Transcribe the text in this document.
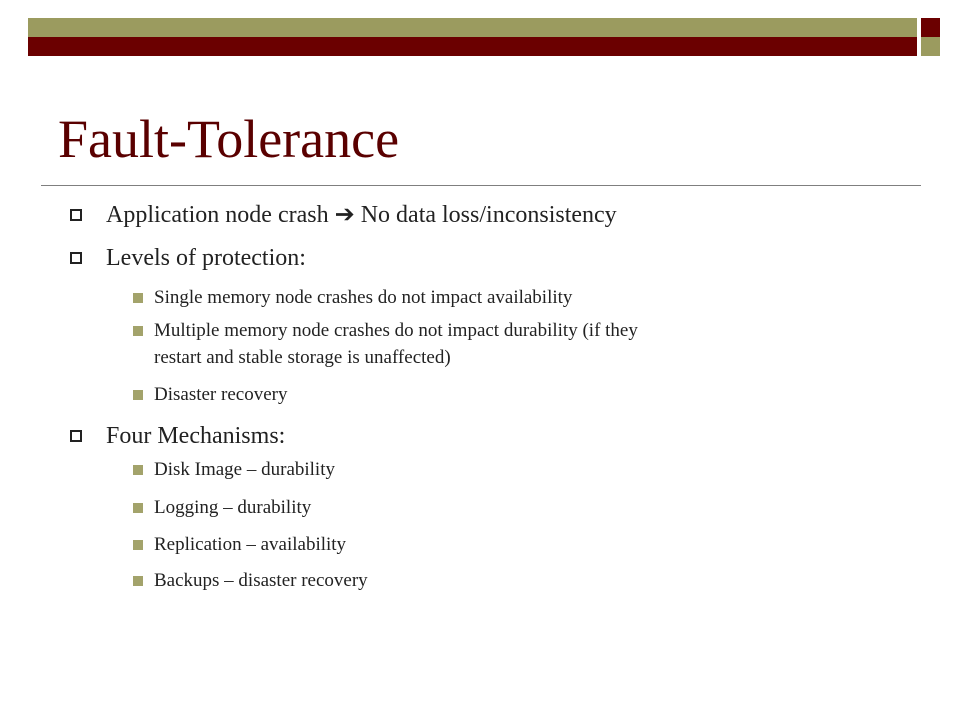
Fault-Tolerance

Application node crash ➔ No data loss/inconsistency

Levels of protection:

Single memory node crashes do not impact availability

Multiple memory node crashes do not impact durability (if they

restart and stable storage is unaffected)

Disaster recovery

Four Mechanisms:

Disk Image – durability

Logging – durability

Replication – availability

Backups – disaster recovery
